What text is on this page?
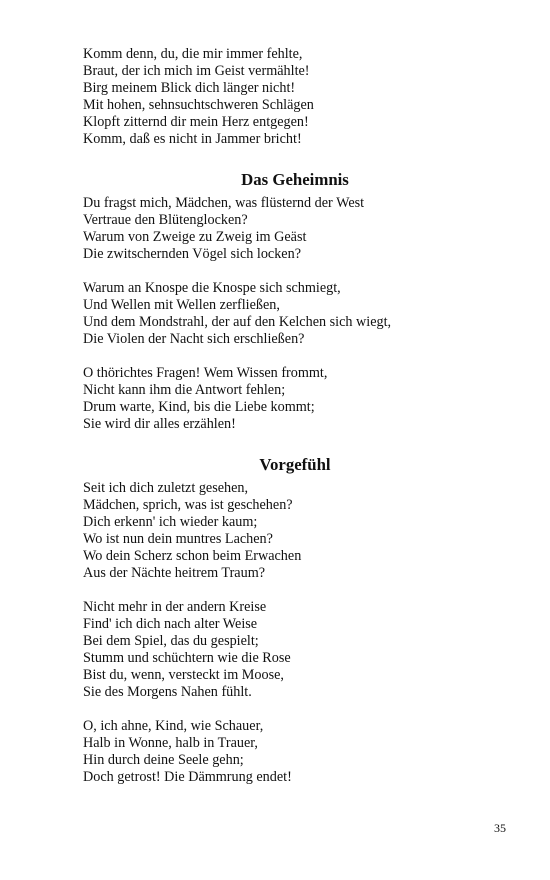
Komm denn, du, die mir immer fehlte,
Braut, der ich mich im Geist vermählte!
Birg meinem Blick dich länger nicht!
Mit hohen, sehnsuchtschweren Schlägen
Klopft zitternd dir mein Herz entgegen!
Komm, daß es nicht in Jammer bricht!
Das Geheimnis
Du fragst mich, Mädchen, was flüsternd der West
Vertraue den Blütenglocken?
Warum von Zweige zu Zweig im Geäst
Die zwitschernden Vögel sich locken?
Warum an Knospe die Knospe sich schmiegt,
Und Wellen mit Wellen zerfließen,
Und dem Mondstrahl, der auf den Kelchen sich wiegt,
Die Violen der Nacht sich erschließen?
O thörichtes Fragen! Wem Wissen frommt,
Nicht kann ihm die Antwort fehlen;
Drum warte, Kind, bis die Liebe kommt;
Sie wird dir alles erzählen!
Vorgefühl
Seit ich dich zuletzt gesehen,
Mädchen, sprich, was ist geschehen?
Dich erkenn' ich wieder kaum;
Wo ist nun dein muntres Lachen?
Wo dein Scherz schon beim Erwachen
Aus der Nächte heitrem Traum?
Nicht mehr in der andern Kreise
Find' ich dich nach alter Weise
Bei dem Spiel, das du gespielt;
Stumm und schüchtern wie die Rose
Bist du, wenn, versteckt im Moose,
Sie des Morgens Nahen fühlt.
O, ich ahne, Kind, wie Schauer,
Halb in Wonne, halb in Trauer,
Hin durch deine Seele gehn;
Doch getrost! Die Dämmrung endet!
35
